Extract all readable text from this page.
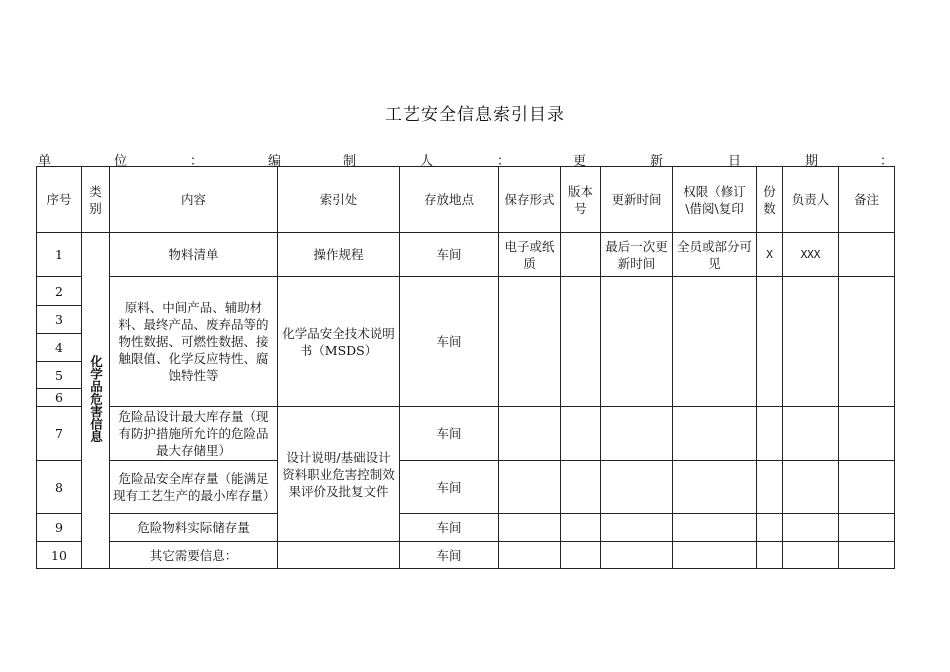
工艺安全信息索引目录
单	位	：	编	制	人	：	更	新	日	期	：
序号	类别	内容	索引处	存放地点	保存形式	版本号	更新时间	权限（修订\借阅\复印	份数	负责人	备注
1	化学品危害信息	物料清单	操作规程	车间	电子或纸质		最后一次更新时间	全员或部分可见	X	XXX	
2		原料、中间产品、辅助材料、最终产品、废弃品等的物性数据、可燃性数据、接触限值、化学反应特性、腐蚀特性等	化学品安全技术说明书（MSDS）	车间							
3											
4											
5											
6											
7		危险品设计最大库存量（现有防护措施所允许的危险品最大存储里）	设计说明/基础设计资料职业危害控制效果评价及批复文件	车间							
8		危险品安全库存量（能满足现有工艺生产的最小库存量）		车间							
9		危险物料实际储存量		车间							
10		其它需要信息：		车间							
